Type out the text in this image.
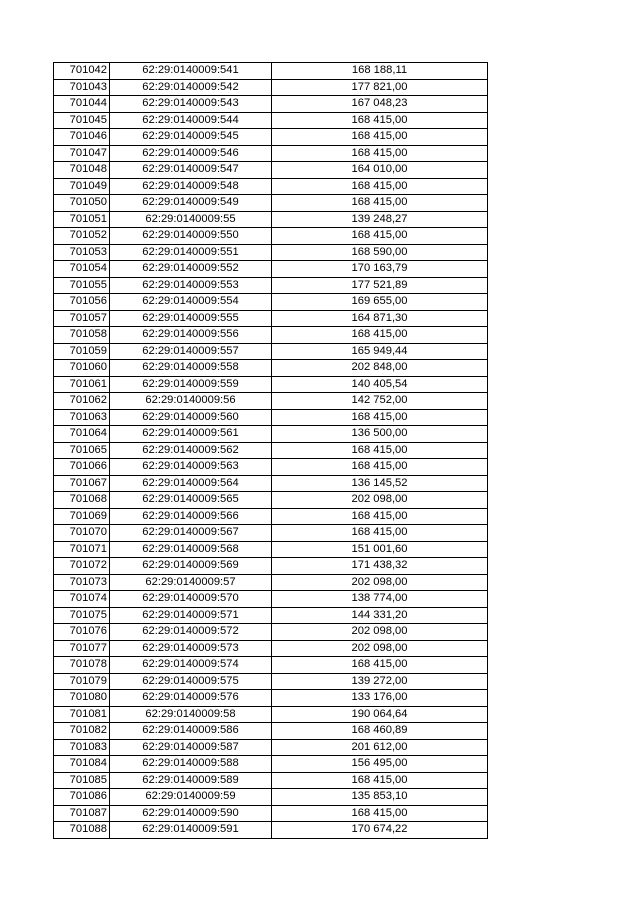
701042	62:29:0140009:541	168 188,11
701043	62:29:0140009:542	177 821,00
701044	62:29:0140009:543	167 048,23
701045	62:29:0140009:544	168 415,00
701046	62:29:0140009:545	168 415,00
701047	62:29:0140009:546	168 415,00
701048	62:29:0140009:547	164 010,00
701049	62:29:0140009:548	168 415,00
701050	62:29:0140009:549	168 415,00
701051	62:29:0140009:55	139 248,27
701052	62:29:0140009:550	168 415,00
701053	62:29:0140009:551	168 590,00
701054	62:29:0140009:552	170 163,79
701055	62:29:0140009:553	177 521,89
701056	62:29:0140009:554	169 655,00
701057	62:29:0140009:555	164 871,30
701058	62:29:0140009:556	168 415,00
701059	62:29:0140009:557	165 949,44
701060	62:29:0140009:558	202 848,00
701061	62:29:0140009:559	140 405,54
701062	62:29:0140009:56	142 752,00
701063	62:29:0140009:560	168 415,00
701064	62:29:0140009:561	136 500,00
701065	62:29:0140009:562	168 415,00
701066	62:29:0140009:563	168 415,00
701067	62:29:0140009:564	136 145,52
701068	62:29:0140009:565	202 098,00
701069	62:29:0140009:566	168 415,00
701070	62:29:0140009:567	168 415,00
701071	62:29:0140009:568	151 001,60
701072	62:29:0140009:569	171 438,32
701073	62:29:0140009:57	202 098,00
701074	62:29:0140009:570	138 774,00
701075	62:29:0140009:571	144 331,20
701076	62:29:0140009:572	202 098,00
701077	62:29:0140009:573	202 098,00
701078	62:29:0140009:574	168 415,00
701079	62:29:0140009:575	139 272,00
701080	62:29:0140009:576	133 176,00
701081	62:29:0140009:58	190 064,64
701082	62:29:0140009:586	168 460,89
701083	62:29:0140009:587	201 612,00
701084	62:29:0140009:588	156 495,00
701085	62:29:0140009:589	168 415,00
701086	62:29:0140009:59	135 853,10
701087	62:29:0140009:590	168 415,00
701088	62:29:0140009:591	170 674,22
